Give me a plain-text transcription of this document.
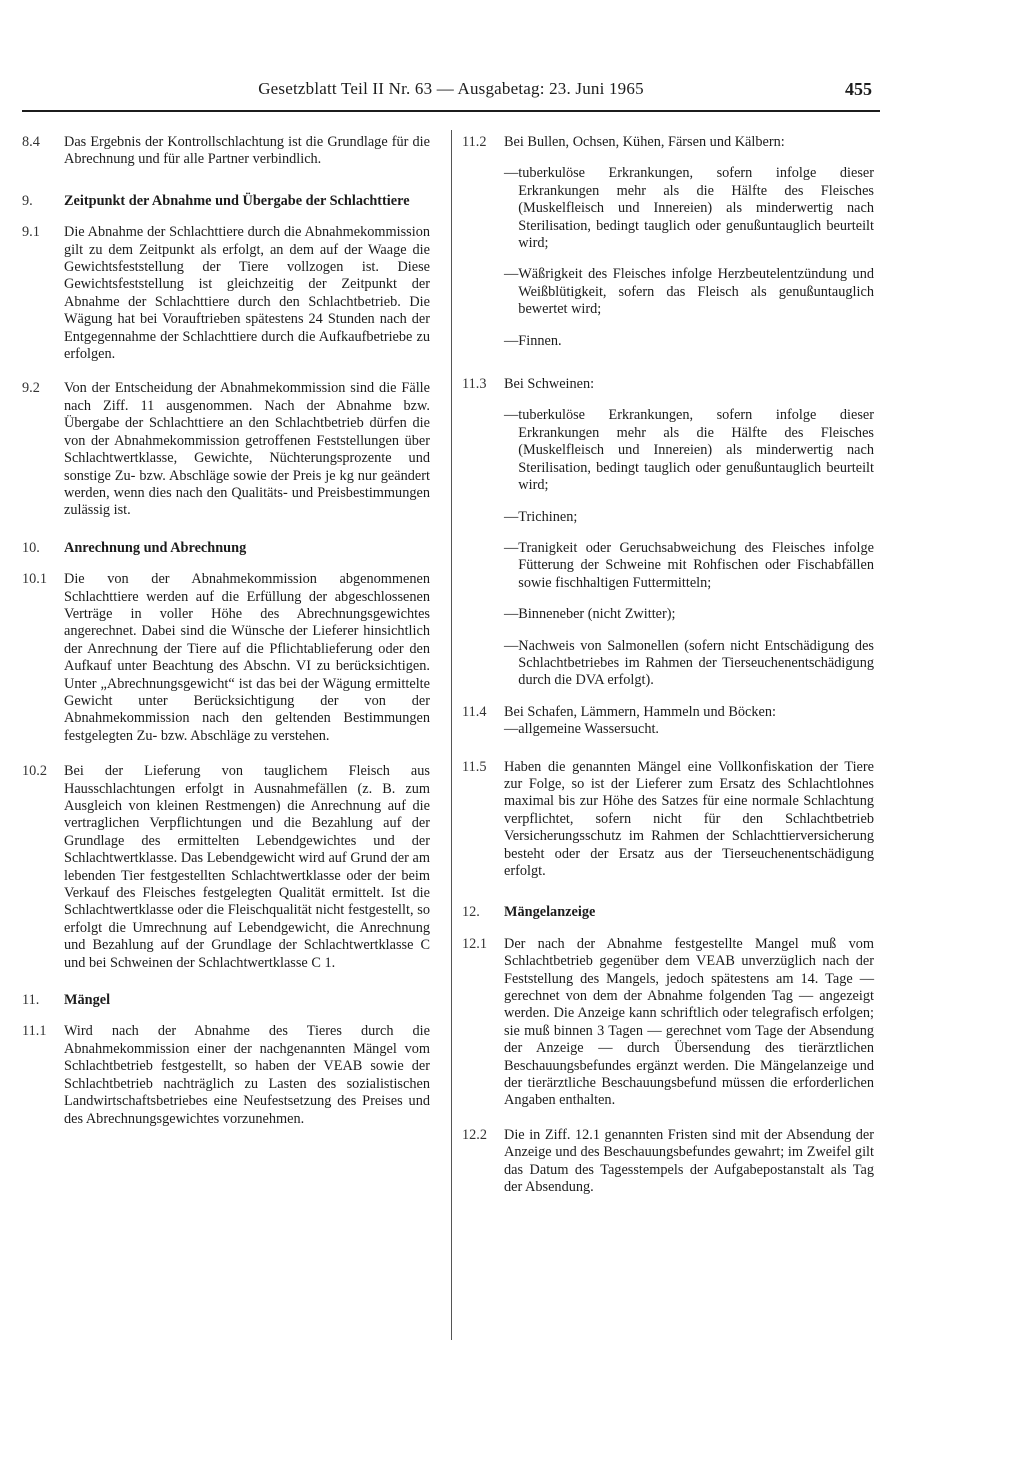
Gesetzblatt Teil II Nr. 63 — Ausgabetag: 23. Juni 1965	455
8.4	Das Ergebnis der Kontrollschlachtung ist die Grundlage für die Abrechnung und für alle Partner verbindlich.

9.	Zeitpunkt der Abnahme und Übergabe der Schlachttiere

9.1	Die Abnahme der Schlachttiere durch die Abnahmekommission gilt zu dem Zeitpunkt als erfolgt, an dem auf der Waage die Gewichtsfeststellung der Tiere vollzogen ist. Diese Gewichtsfeststellung ist gleichzeitig der Zeitpunkt der Abnahme der Schlachttiere durch den Schlachtbetrieb. Die Wägung hat bei Vorauftrieben spätestens 24 Stunden nach der Entgegennahme der Schlachttiere durch die Aufkaufbetriebe zu erfolgen.

9.2	Von der Entscheidung der Abnahmekommission sind die Fälle nach Ziff. 11 ausgenommen. Nach der Abnahme bzw. Übergabe der Schlachttiere an den Schlachtbetrieb dürfen die von der Abnahmekommission getroffenen Feststellungen über Schlachtwertklasse, Gewichte, Nüchterungsprozente und sonstige Zu- bzw. Abschläge sowie der Preis je kg nur geändert werden, wenn dies nach den Qualitäts- und Preisbestimmungen zulässig ist.

10.	Anrechnung und Abrechnung

10.1	Die von der Abnahmekommission abgenommenen Schlachttiere werden auf die Erfüllung der abgeschlossenen Verträge in voller Höhe des Abrechnungsgewichtes angerechnet. Dabei sind die Wünsche der Lieferer hinsichtlich der Anrechnung der Tiere auf die Pflichtablieferung oder den Aufkauf unter Beachtung des Abschn. VI zu berücksichtigen. Unter „Abrechnungsgewicht“ ist das bei der Wägung ermittelte Gewicht unter Berücksichtigung der von der Abnahmekommission nach den geltenden Bestimmungen festgelegten Zu- bzw. Abschläge zu verstehen.

10.2	Bei der Lieferung von tauglichem Fleisch aus Hausschlachtungen erfolgt in Ausnahmefällen (z. B. zum Ausgleich von kleinen Restmengen) die Anrechnung auf die vertraglichen Verpflichtungen und die Bezahlung auf der Grundlage des ermittelten Lebendgewichtes und der Schlachtwertklasse. Das Lebendgewicht wird auf Grund der am lebenden Tier festgestellten Schlachtwertklasse oder der beim Verkauf des Fleisches festgelegten Qualität ermittelt. Ist die Schlachtwertklasse oder die Fleischqualität nicht festgestellt, so erfolgt die Umrechnung auf Lebendgewicht, die Anrechnung und Bezahlung auf der Grundlage der Schlachtwertklasse C und bei Schweinen der Schlachtwertklasse C 1.

11.	Mängel

11.1	Wird nach der Abnahme des Tieres durch die Abnahmekommission einer der nachgenannten Mängel vom Schlachtbetrieb festgestellt, so haben der VEAB sowie der Schlachtbetrieb nachträglich zu Lasten des sozialistischen Landwirtschaftsbetriebes eine Neufestsetzung des Preises und des Abrechnungsgewichtes vorzunehmen.

11.2	Bei Bullen, Ochsen, Kühen, Färsen und Kälbern:

— tuberkulöse Erkrankungen, sofern infolge dieser Erkrankungen mehr als die Hälfte des Fleisches (Muskelfleisch und Innereien) als minderwertig nach Sterilisation, bedingt tauglich oder genußuntauglich beurteilt wird;
— Wäßrigkeit des Fleisches infolge Herzbeutelentzündung und Weißblütigkeit, sofern das Fleisch als genußuntauglich bewertet wird;
— Finnen.
11.3	Bei Schweinen:

— tuberkulöse Erkrankungen, sofern infolge dieser Erkrankungen mehr als die Hälfte des Fleisches (Muskelfleisch und Innereien) als minderwertig nach Sterilisation, bedingt tauglich oder genußuntauglich beurteilt wird;
— Trichinen;
— Tranigkeit oder Geruchsabweichung des Fleisches infolge Fütterung der Schweine mit Rohfischen oder Fischabfällen sowie fischhaltigen Futtermitteln;
— Binneneber (nicht Zwitter);
— Nachweis von Salmonellen (sofern nicht Entschädigung des Schlachtbetriebes im Rahmen der Tierseuchenentschädigung durch die DVA erfolgt).
11.4	Bei Schafen, Lämmern, Hammeln und Böcken:

— allgemeine Wassersucht.
11.5	Haben die genannten Mängel eine Vollkonfiskation der Tiere zur Folge, so ist der Lieferer zum Ersatz des Schlachtlohnes maximal bis zur Höhe des Satzes für eine normale Schlachtung verpflichtet, sofern nicht für den Schlachtbetrieb Versicherungsschutz im Rahmen der Schlachttierversicherung besteht oder der Ersatz aus der Tierseuchenentschädigung erfolgt.

12.	Mängelanzeige

12.1	Der nach der Abnahme festgestellte Mangel muß vom Schlachtbetrieb gegenüber dem VEAB unverzüglich nach der Feststellung des Mangels, jedoch spätestens am 14. Tage — gerechnet von dem der Abnahme folgenden Tag — angezeigt werden. Die Anzeige kann schriftlich oder telegrafisch erfolgen; sie muß binnen 3 Tagen — gerechnet vom Tage der Absendung der Anzeige — durch Übersendung des tierärztlichen Beschauungsbefundes ergänzt werden. Die Mängelanzeige und der tierärztliche Beschauungsbefund müssen die erforderlichen Angaben enthalten.

12.2	Die in Ziff. 12.1 genannten Fristen sind mit der Absendung der Anzeige und des Beschauungsbefundes gewahrt; im Zweifel gilt das Datum des Tagesstempels der Aufgabepostanstalt als Tag der Absendung.
